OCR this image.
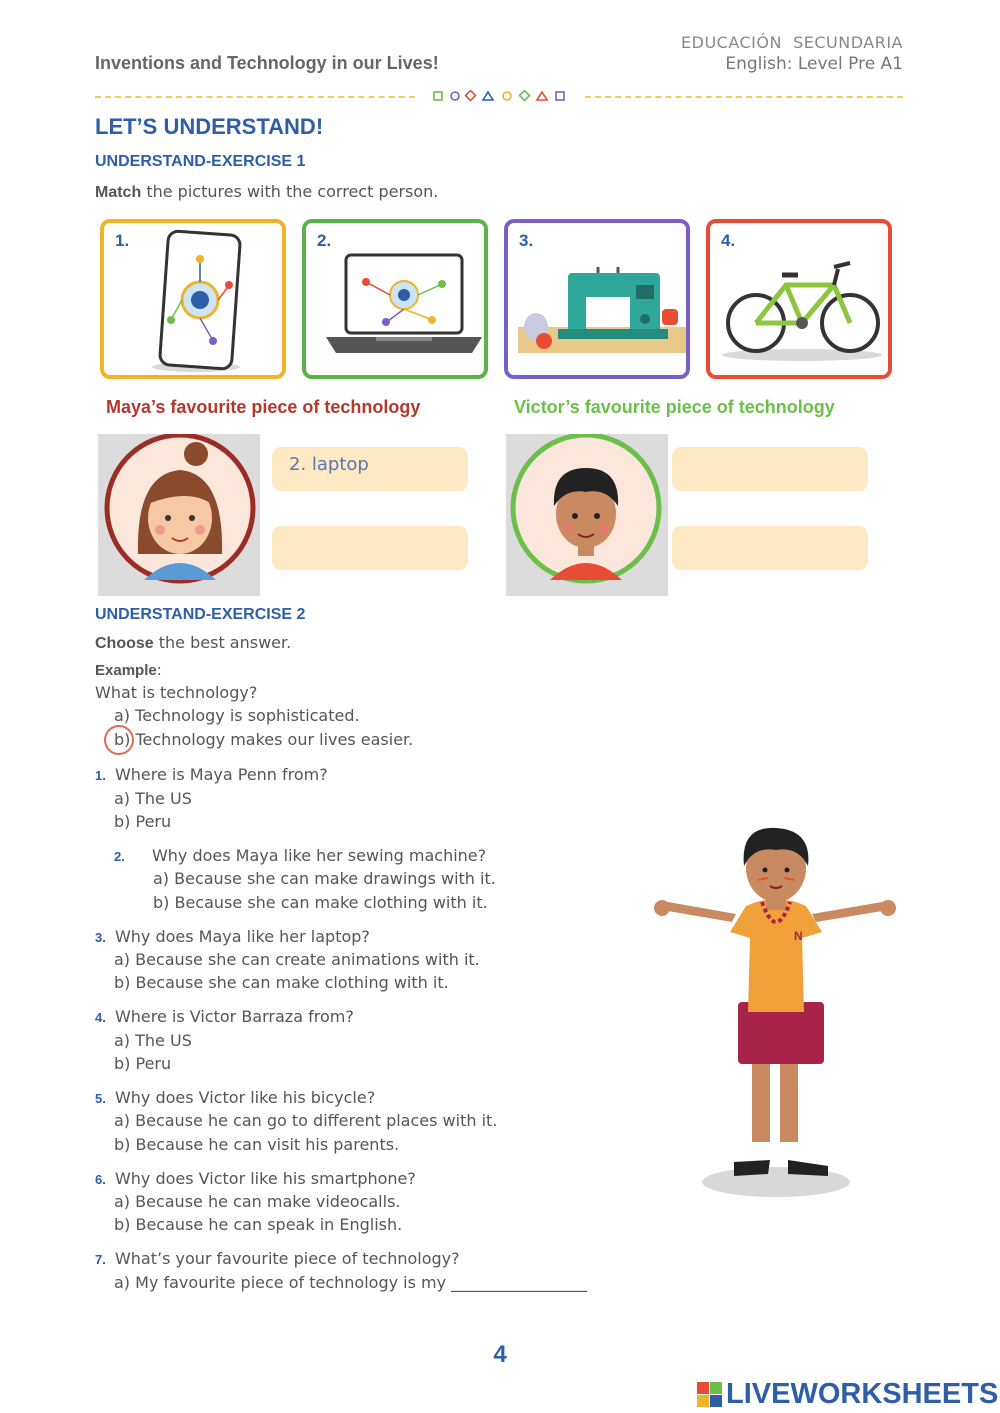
Inventions and Technology in our Lives!
EDUCACIÓN  SECUNDARIA
English: Level Pre A1
LET’S UNDERSTAND!
UNDERSTAND-EXERCISE 1
Match the pictures with the correct person.
1.	2.	3.	4.
Maya’s favourite piece of technology	Victor’s favourite piece of technology
2. laptop
UNDERSTAND-EXERCISE 2
Choose the best answer.
Example:
What is technology?
a) Technology is sophisticated.
b) Technology makes our lives easier.
1. Where is Maya Penn from?
a) The US
b) Peru
2. Why does Maya like her sewing machine?
a) Because she can make drawings with it.
b) Because she can make clothing with it.
3. Why does Maya like her laptop?
a) Because she can create animations with it.
b) Because she can make clothing with it.
4. Where is Victor Barraza from?
a) The US
b) Peru
5. Why does Victor like his bicycle?
a) Because he can go to different places with it.
b) Because he can visit his parents.
6. Why does Victor like his smartphone?
a) Because he can make videocalls.
b) Because he can speak in English.
7. What’s your favourite piece of technology?
a) My favourite piece of technology is my _________________
N
4
LIVEWORKSHEETS
